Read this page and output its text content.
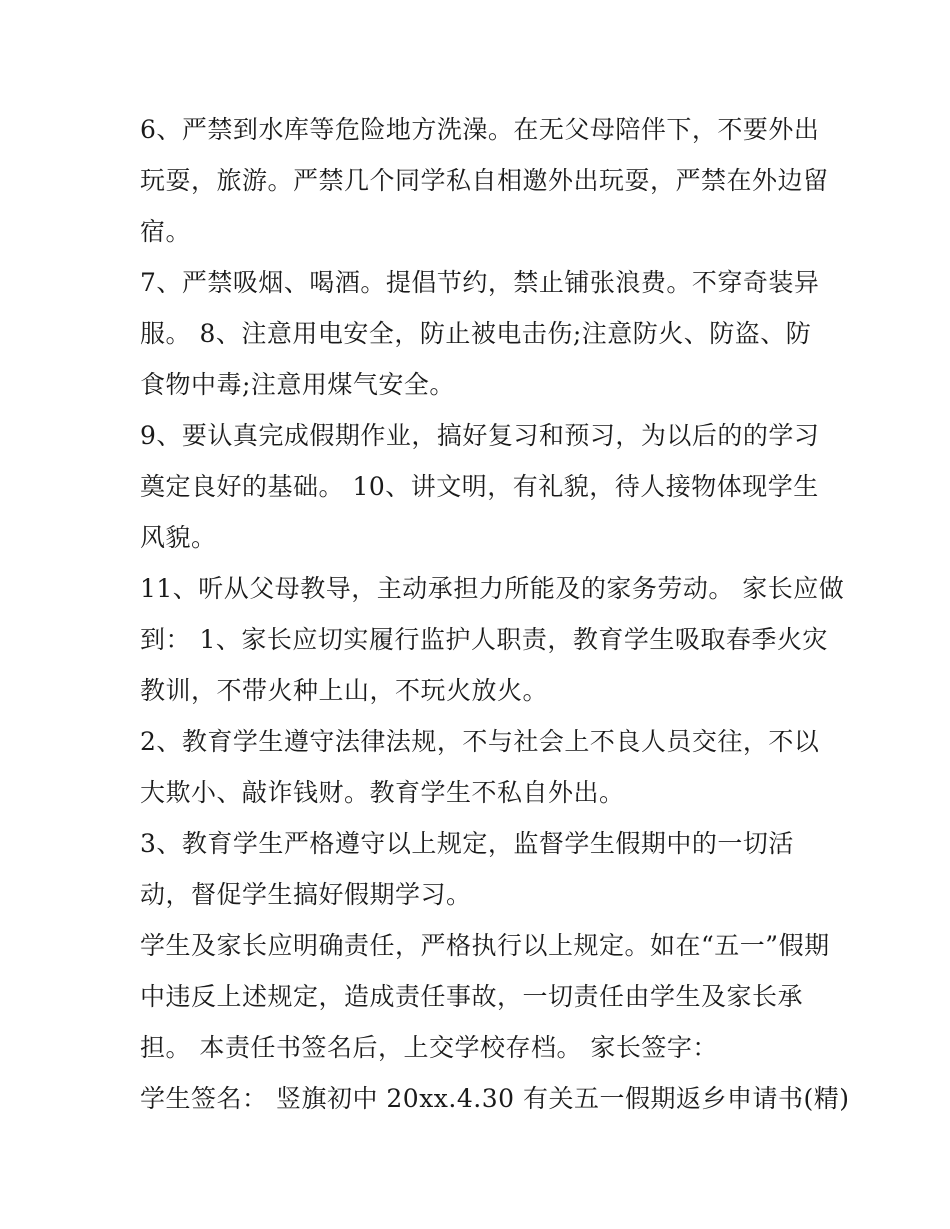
6、严禁到水库等危险地方洗澡。在无父母陪伴下，不要外出
玩耍，旅游。严禁几个同学私自相邀外出玩耍，严禁在外边留
宿。
7、严禁吸烟、喝酒。提倡节约，禁止铺张浪费。不穿奇装异
服。 8、注意用电安全，防止被电击伤;注意防火、防盗、防
食物中毒;注意用煤气安全。
9、要认真完成假期作业，搞好复习和预习，为以后的的学习
奠定良好的基础。 10、讲文明，有礼貌，待人接物体现学生
风貌。
11、听从父母教导，主动承担力所能及的家务劳动。 家长应做
到： 1、家长应切实履行监护人职责，教育学生吸取春季火灾
教训，不带火种上山，不玩火放火。
2、教育学生遵守法律法规，不与社会上不良人员交往，不以
大欺小、敲诈钱财。教育学生不私自外出。
3、教育学生严格遵守以上规定，监督学生假期中的一切活
动，督促学生搞好假期学习。
学生及家长应明确责任，严格执行以上规定。如在“五一”假期
中违反上述规定，造成责任事故，一切责任由学生及家长承
担。 本责任书签名后，上交学校存档。 家长签字：
学生签名： 竖旗初中 20xx.4.30 有关五一假期返乡申请书(精)
